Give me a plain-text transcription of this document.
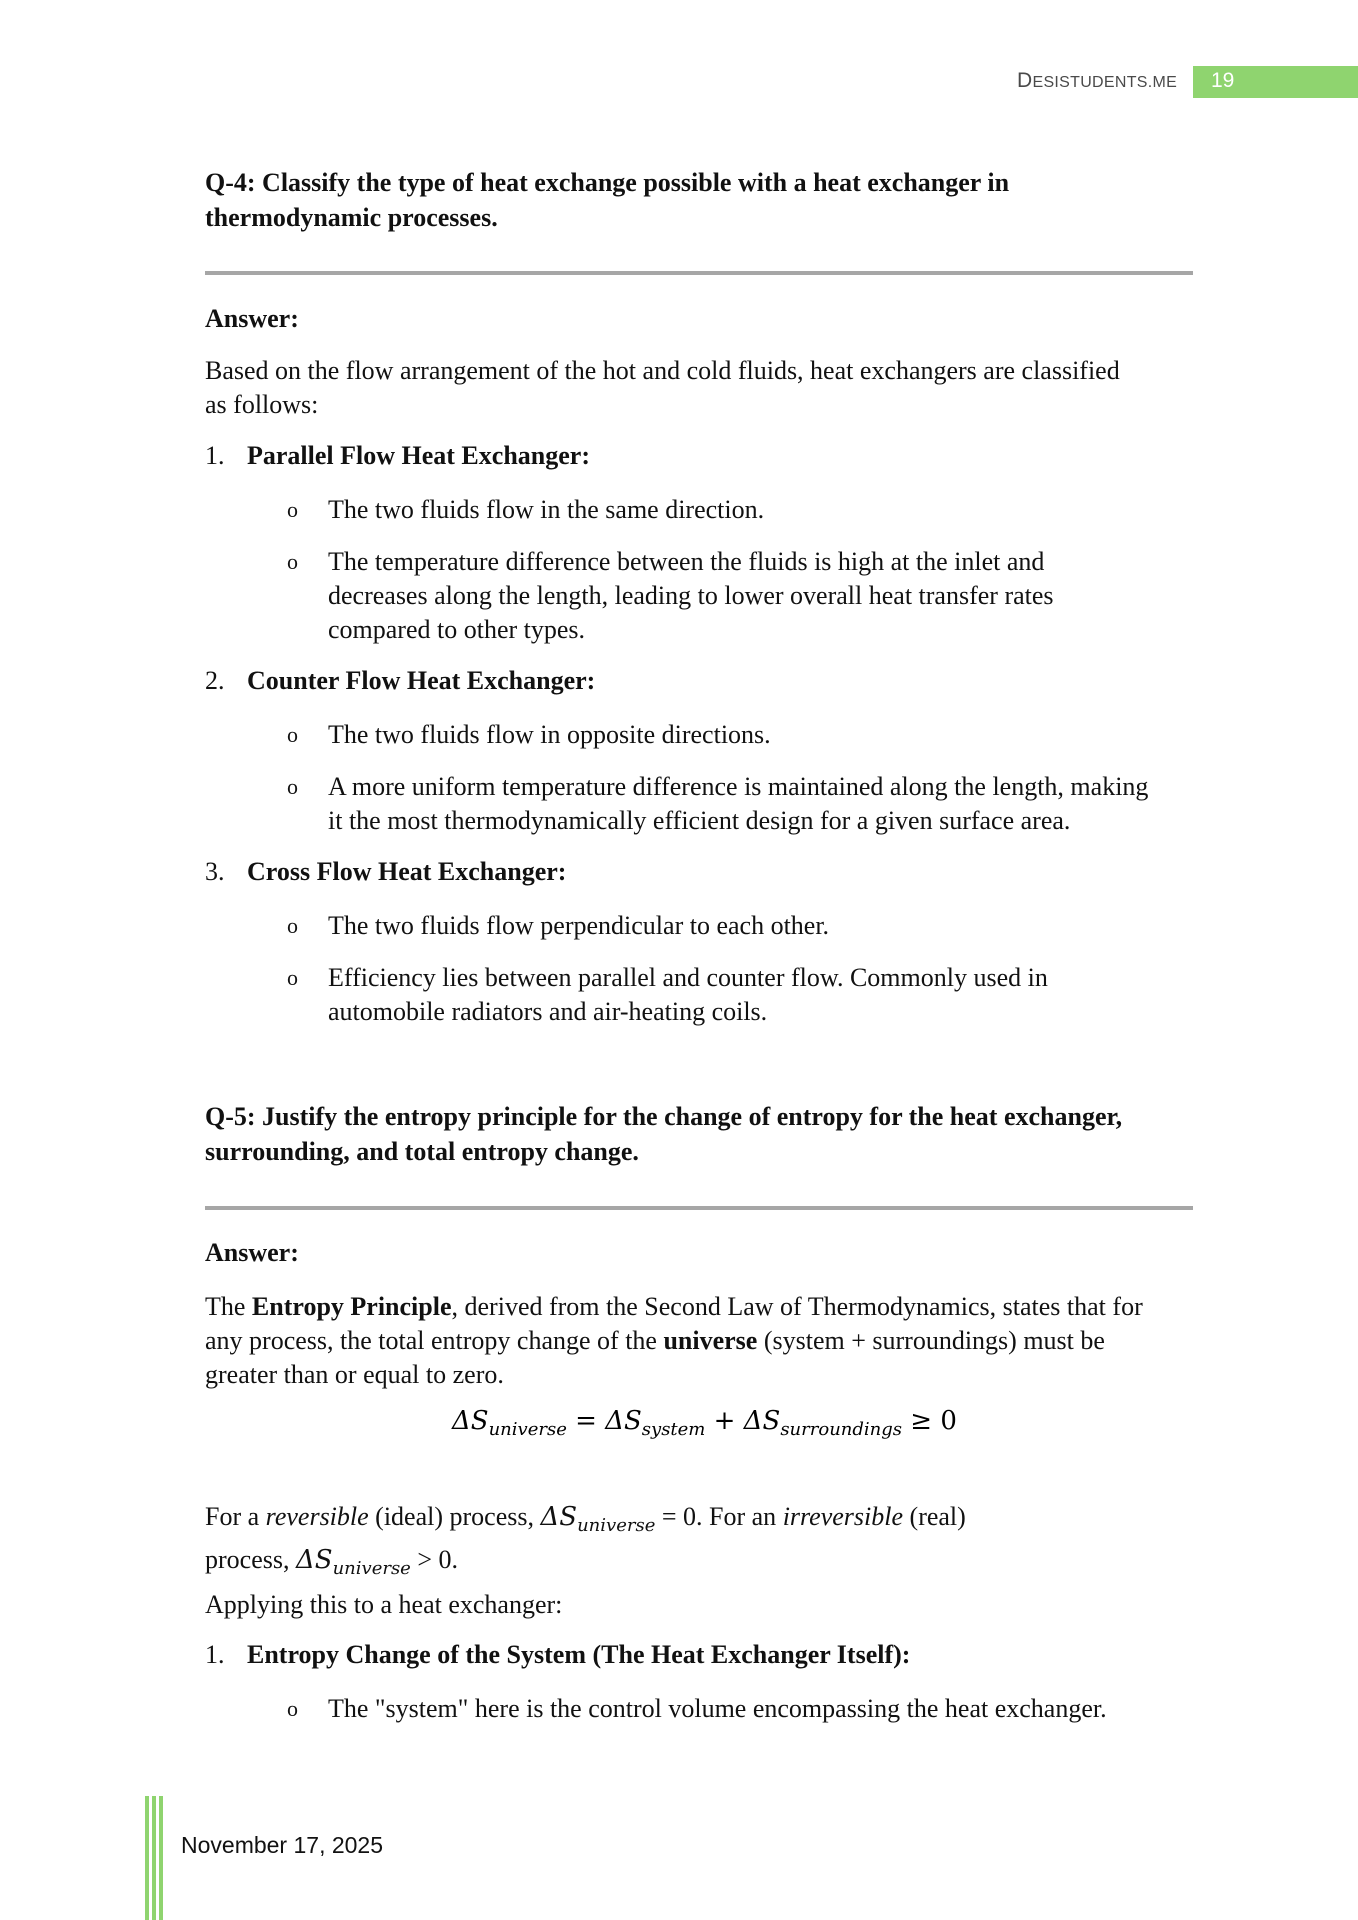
DESISTUDENTS.ME 19
Q-4: Classify the type of heat exchange possible with a heat exchanger in
thermodynamic processes.
Answer:
Based on the flow arrangement of the hot and cold fluids, heat exchangers are classified
as follows:
1. Parallel Flow Heat Exchanger:
o The two fluids flow in the same direction.
o The temperature difference between the fluids is high at the inlet and
decreases along the length, leading to lower overall heat transfer rates
compared to other types.
2. Counter Flow Heat Exchanger:
o The two fluids flow in opposite directions.
o A more uniform temperature difference is maintained along the length, making
it the most thermodynamically efficient design for a given surface area.
3. Cross Flow Heat Exchanger:
o The two fluids flow perpendicular to each other.
o Efficiency lies between parallel and counter flow. Commonly used in
automobile radiators and air-heating coils.
Q-5: Justify the entropy principle for the change of entropy for the heat exchanger,
surrounding, and total entropy change.
Answer:
The Entropy Principle, derived from the Second Law of Thermodynamics, states that for
any process, the total entropy change of the universe (system + surroundings) must be
greater than or equal to zero.
$\Delta S_{universe} = \Delta S_{system} + \Delta S_{surroundings} \ge 0$
For a reversible (ideal) process, $\Delta S_{universe} = 0$. For an irreversible (real)
process, $\Delta S_{universe} > 0$.
Applying this to a heat exchanger:
1. Entropy Change of the System (The Heat Exchanger Itself):
o The "system" here is the control volume encompassing the heat exchanger.
November 17, 2025
